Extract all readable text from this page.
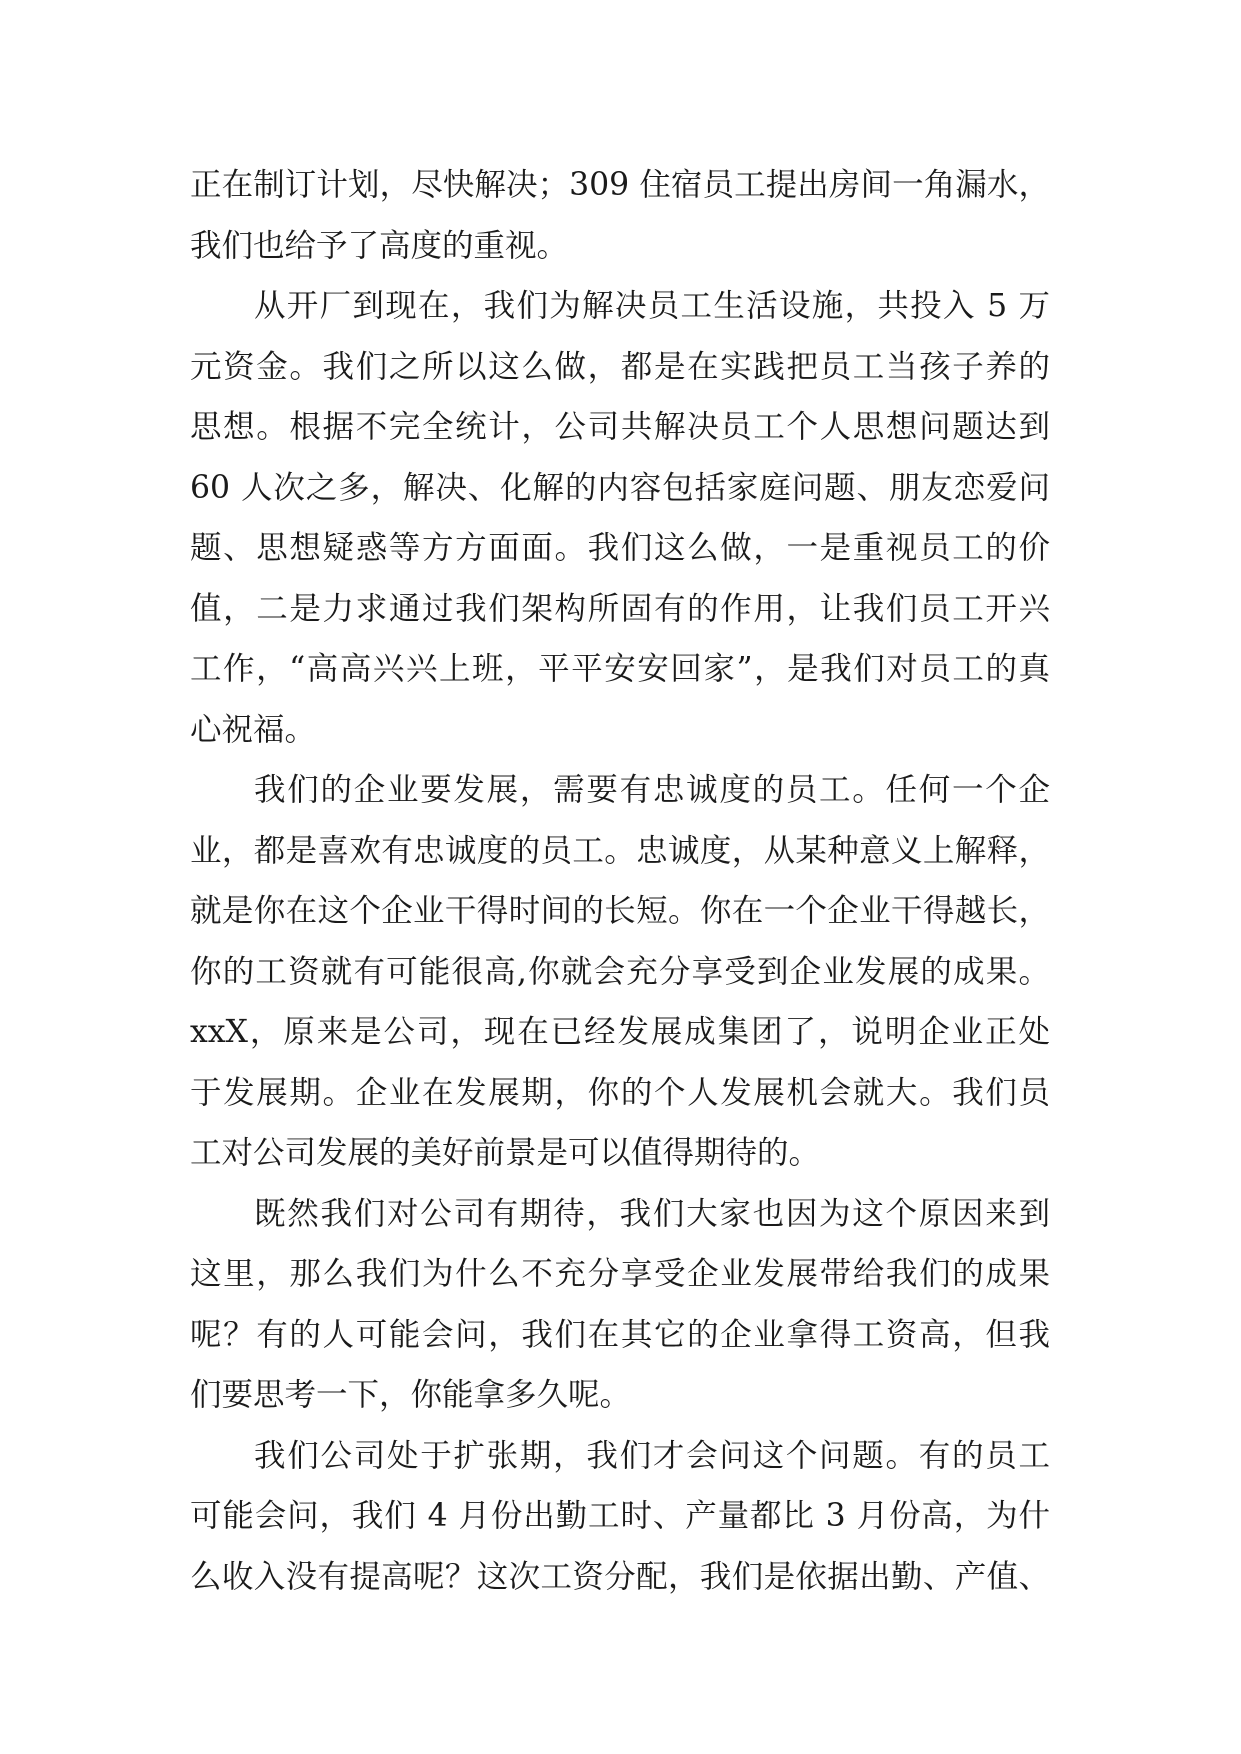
正在制订计划，尽快解决；309 住宿员工提出房间一角漏水，
我们也给予了高度的重视。
从开厂到现在，我们为解决员工生活设施，共投入 5 万
元资金。我们之所以这么做，都是在实践把员工当孩子养的
思想。根据不完全统计，公司共解决员工个人思想问题达到
60 人次之多，解决、化解的内容包括家庭问题、朋友恋爱问
题、思想疑惑等方方面面。我们这么做，一是重视员工的价
值，二是力求通过我们架构所固有的作用，让我们员工开兴
工作，“高高兴兴上班，平平安安回家”，是我们对员工的真
心祝福。
我们的企业要发展，需要有忠诚度的员工。任何一个企
业，都是喜欢有忠诚度的员工。忠诚度，从某种意义上解释，
就是你在这个企业干得时间的长短。你在一个企业干得越长，
你的工资就有可能很高,你就会充分享受到企业发展的成果。
xxX，原来是公司，现在已经发展成集团了，说明企业正处
于发展期。企业在发展期，你的个人发展机会就大。我们员
工对公司发展的美好前景是可以值得期待的。
既然我们对公司有期待，我们大家也因为这个原因来到
这里，那么我们为什么不充分享受企业发展带给我们的成果
呢？有的人可能会问，我们在其它的企业拿得工资高，但我
们要思考一下，你能拿多久呢。
我们公司处于扩张期，我们才会问这个问题。有的员工
可能会问，我们 4 月份出勤工时、产量都比 3 月份高，为什
么收入没有提高呢？这次工资分配，我们是依据出勤、产值、
